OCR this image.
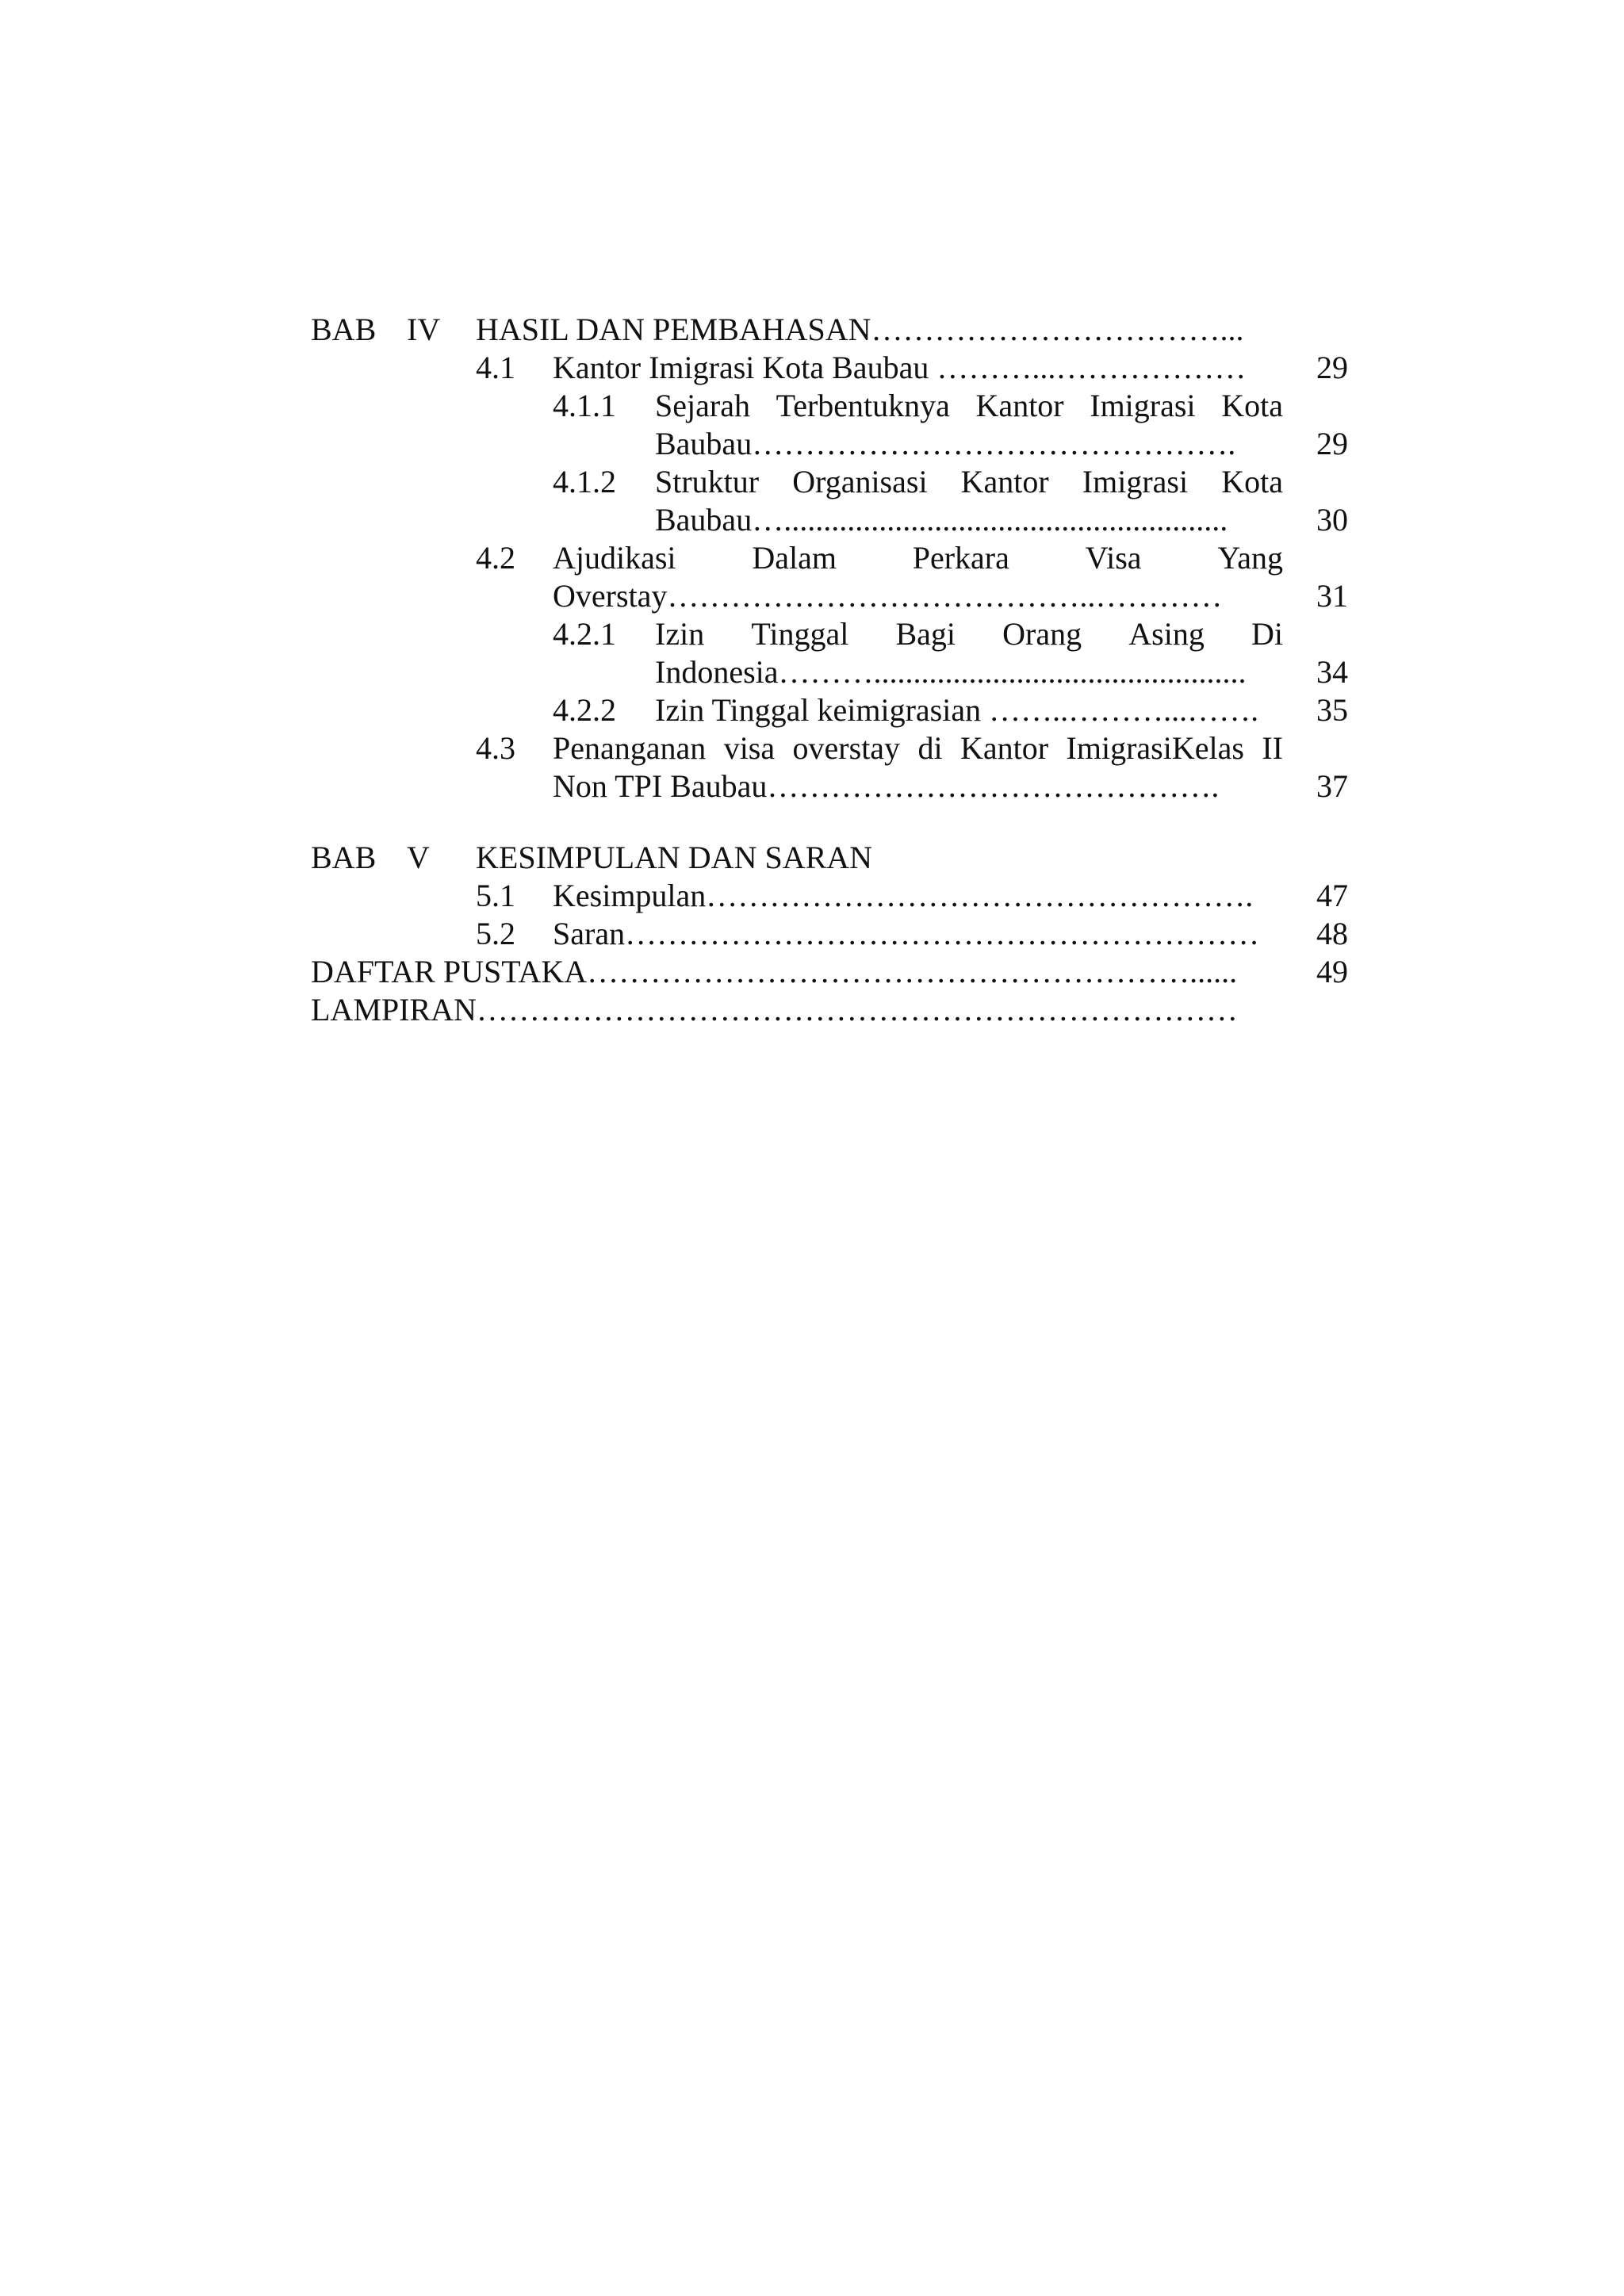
BAB IV HASIL DAN PEMBAHASAN……………………………...
4.1 Kantor Imigrasi Kota Baubau ………...………………	29
4.1.1 Sejarah Terbentuknya Kantor Imigrasi Kota
Baubau……………………………………….	29
4.1.2 Struktur Organisasi Kantor Imigrasi Kota
Baubau…........................................................	30
4.2 Ajudikasi Dalam Perkara Visa Yang
Overstay…………………………………..…………	31
4.2.1 Izin Tinggal Bagi Orang Asing Di
Indonesia………...............................................	34
4.2.2 Izin Tinggal keimigrasian ……..………...…….	35
4.3 Penanganan visa overstay di Kantor ImigrasiKelas II
Non TPI Baubau…………………………………….	37
BAB V KESIMPULAN DAN SARAN
5.1 Kesimpulan…………………………………………….	47
5.2 Saran……………………………………………………	48
DAFTAR PUSTAKA…………………………………………………......	49
LAMPIRAN………………………………………………………………
